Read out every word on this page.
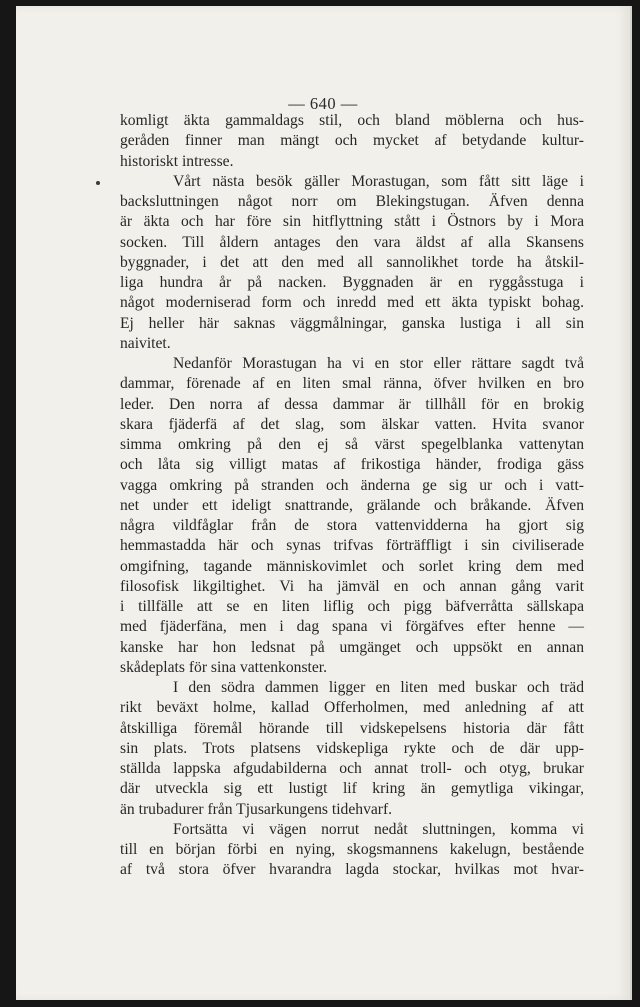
— 640 —
komligt äkta gammaldags stil, och bland möblerna och hus-
geråden finner man mängt och mycket af betydande kultur-
historiskt intresse.
Vårt nästa besök gäller Morastugan, som fått sitt läge i
backsluttningen något norr om Blekingstugan. Äfven denna
är äkta och har före sin hitflyttning stått i Östnors by i Mora
socken. Till åldern antages den vara äldst af alla Skansens
byggnader, i det att den med all sannolikhet torde ha åtskil-
liga hundra år på nacken. Byggnaden är en ryggåsstuga i
något moderniserad form och inredd med ett äkta typiskt bohag.
Ej heller här saknas väggmålningar, ganska lustiga i all sin
naivitet.
Nedanför Morastugan ha vi en stor eller rättare sagdt två
dammar, förenade af en liten smal ränna, öfver hvilken en bro
leder. Den norra af dessa dammar är tillhåll för en brokig
skara fjäderfä af det slag, som älskar vatten. Hvita svanor
simma omkring på den ej så värst spegelblanka vattenytan
och låta sig villigt matas af frikostiga händer, frodiga gäss
vagga omkring på stranden och änderna ge sig ur och i vatt-
net under ett ideligt snattrande, grälande och bråkande. Äfven
några vildfåglar från de stora vattenvidderna ha gjort sig
hemmastadda här och synas trifvas förträffligt i sin civiliserade
omgifning, tagande människovimlet och sorlet kring dem med
filosofisk likgiltighet. Vi ha jämväl en och annan gång varit
i tillfälle att se en liten liflig och pigg bäfverråtta sällskapa
med fjäderfäna, men i dag spana vi förgäfves efter henne —
kanske har hon ledsnat på umgänget och uppsökt en annan
skådeplats för sina vattenkonster.
I den södra dammen ligger en liten med buskar och träd
rikt beväxt holme, kallad Offerholmen, med anledning af att
åtskilliga föremål hörande till vidskepelsens historia där fått
sin plats. Trots platsens vidskepliga rykte och de där upp-
ställda lappska afgudabilderna och annat troll- och otyg, brukar
där utveckla sig ett lustigt lif kring än gemytliga vikingar,
än trubadurer från Tjusarkungens tidehvarf.
Fortsätta vi vägen norrut nedåt sluttningen, komma vi
till en början förbi en nying, skogsmannens kakelugn, bestående
af två stora öfver hvarandra lagda stockar, hvilkas mot hvar-
